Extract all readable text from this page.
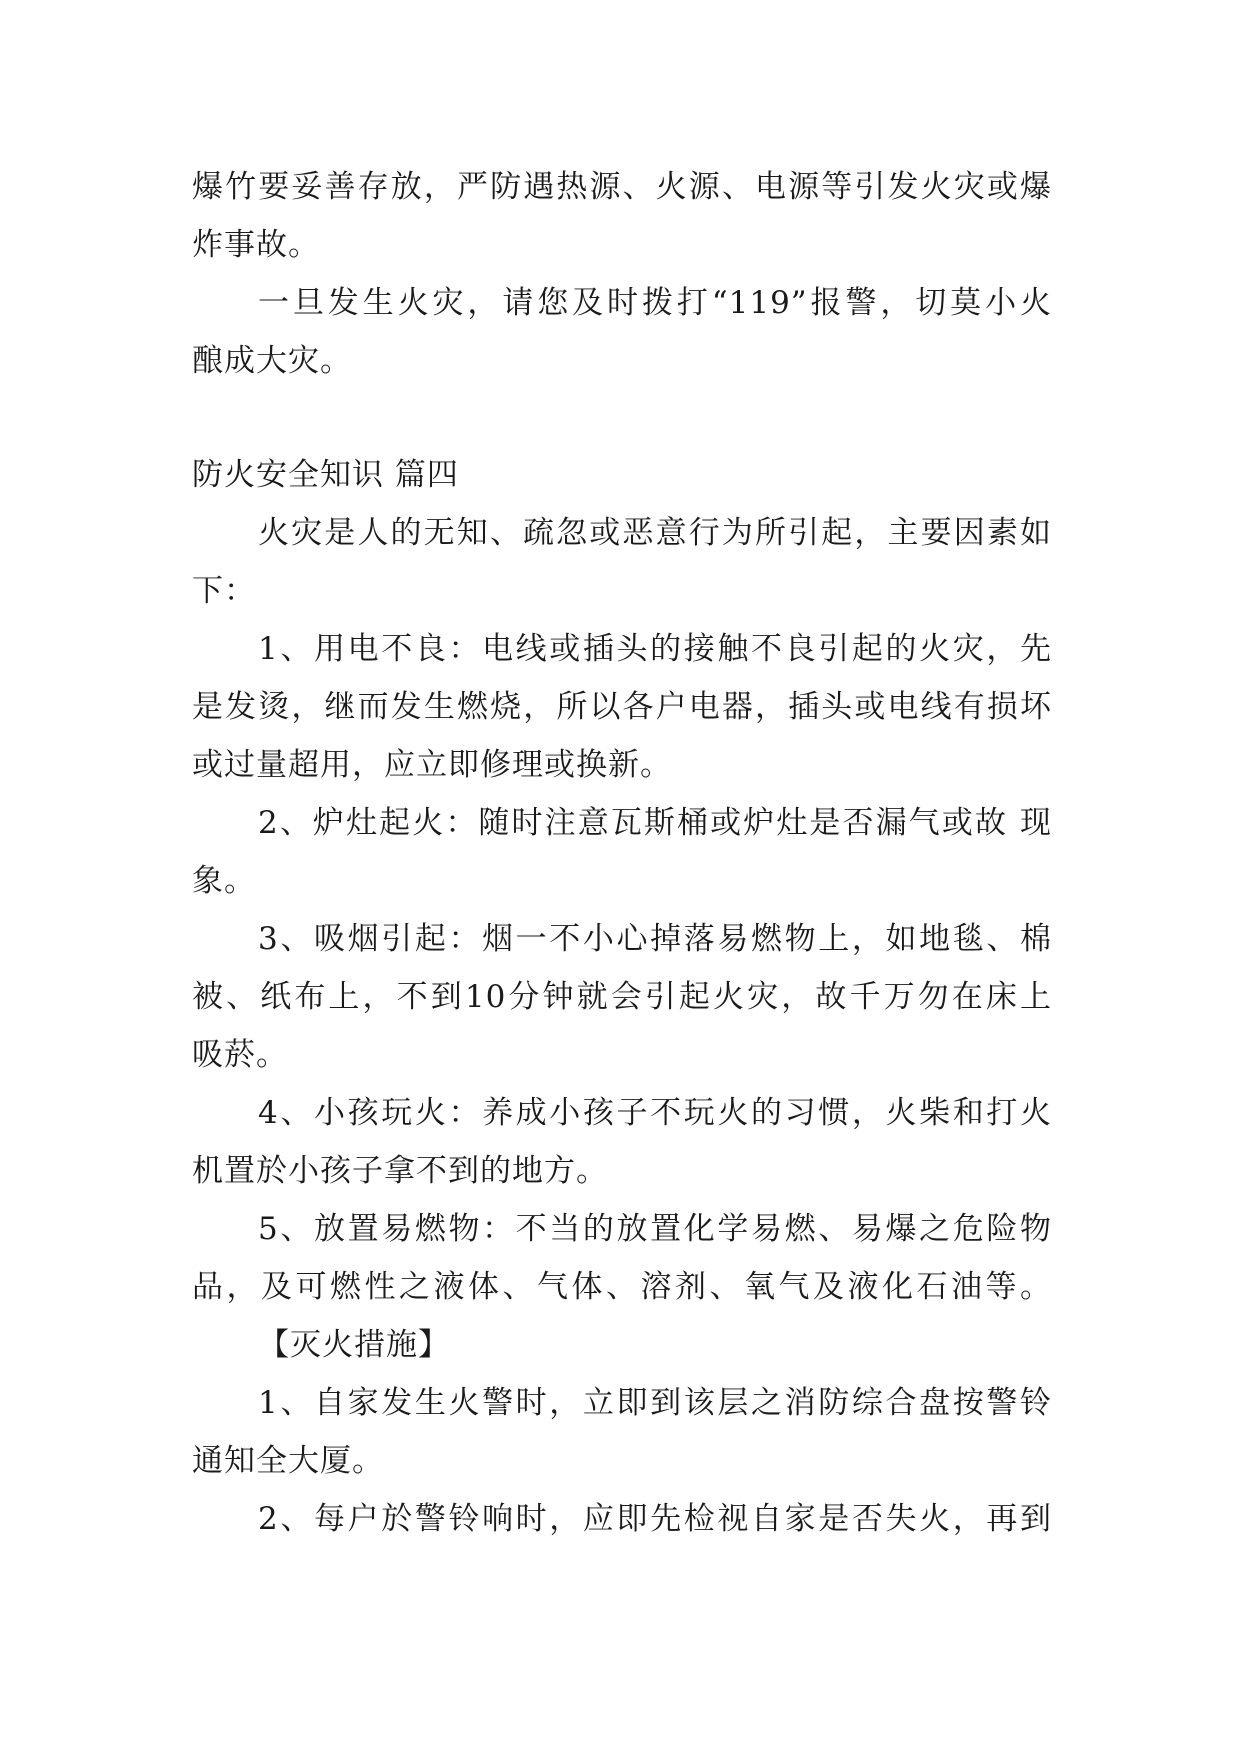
爆竹要妥善存放，严防遇热源、火源、电源等引发火灾或爆
炸事故。
一旦发生火灾，请您及时拨打“119”报警，切莫小火
酿成大灾。
防火安全知识 篇四
火灾是人的无知、疏忽或恶意行为所引起，主要因素如
下：
1、用电不良：电线或插头的接触不良引起的火灾，先
是发烫，继而发生燃烧，所以各户电器，插头或电线有损坏
或过量超用，应立即修理或换新。
2、炉灶起火：随时注意瓦斯桶或炉灶是否漏气或故 现
象。
3、吸烟引起：烟一不小心掉落易燃物上，如地毯、棉
被、纸布上，不到10分钟就会引起火灾，故千万勿在床上
吸菸。
4、小孩玩火：养成小孩子不玩火的习惯，火柴和打火
机置於小孩子拿不到的地方。
5、放置易燃物：不当的放置化学易燃、易爆之危险物
品，及可燃性之液体、气体、溶剂、氧气及液化石油等。
【灭火措施】
1、自家发生火警时，立即到该层之消防综合盘按警铃
通知全大厦。
2、每户於警铃响时，应即先检视自家是否失火，再到
